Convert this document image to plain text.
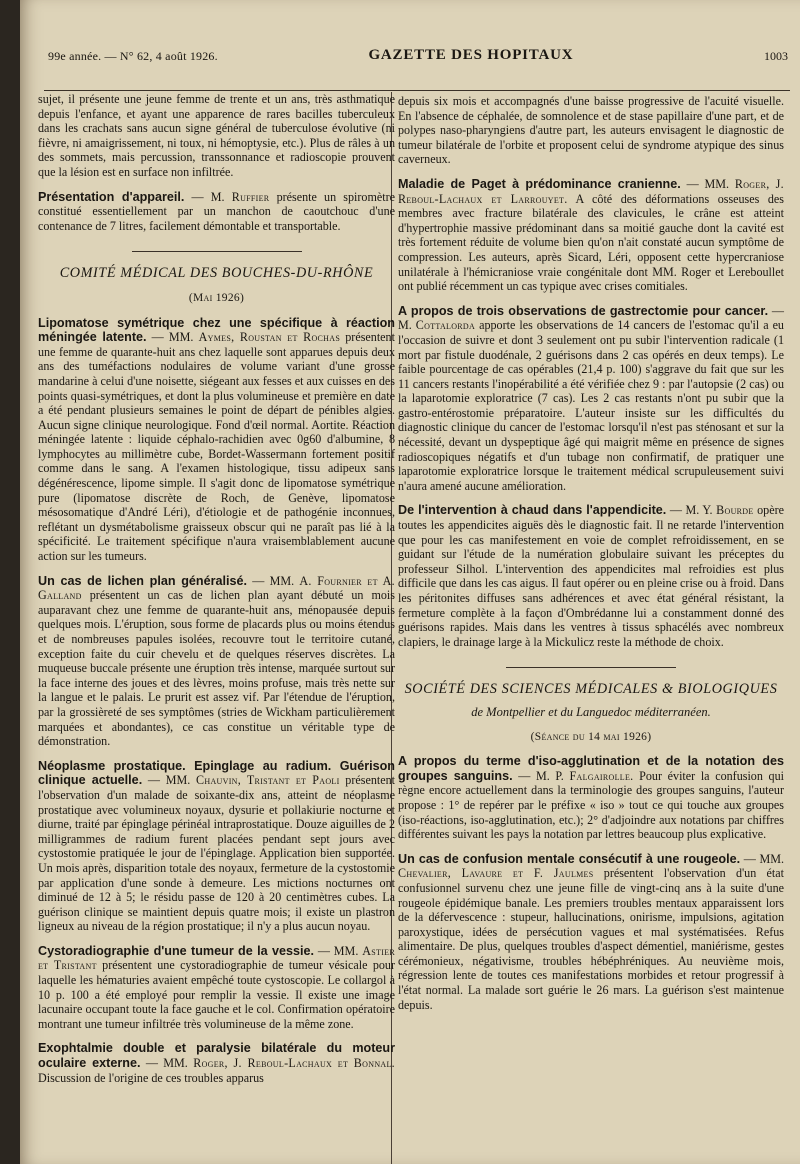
99e année. — N° 62, 4 août 1926.	GAZETTE DES HOPITAUX	1003

sujet, il présente une jeune femme de trente et un ans, très asthmatique depuis l'enfance, et ayant une apparence de rares bacilles tuberculeux dans les crachats sans aucun signe général de tuberculose évolutive (ni fièvre, ni amaigrissement, ni toux, ni hémoptysie, etc.). Plus de râles à un des sommets, mais percussion, transsonnance et radioscopie prouvent que la lésion est en surface non infiltrée.

Présentation d'appareil. — M. Ruffier présente un spiromètre constitué essentiellement par un manchon de caoutchouc d'une contenance de 7 litres, facilement démontable et transportable.

COMITÉ MÉDICAL DES BOUCHES-DU-RHÔNE
(Mai 1926)

Lipomatose symétrique chez une spécifique à réaction méningée latente. — MM. Aymes, Roustan et Rochas présentent une femme de quarante-huit ans chez laquelle sont apparues depuis deux ans des tuméfactions nodulaires de volume variant d'une grosse mandarine à celui d'une noisette, siégeant aux fesses et aux cuisses en des points quasi-symétriques, et dont la plus volumineuse et première en date a été pendant plusieurs semaines le point de départ de pénibles algies. Aucun signe clinique neurologique. Fond d'œil normal. Aortite. Réaction méningée latente : liquide céphalo-rachidien avec 0g60 d'albumine, 8 lymphocytes au millimètre cube, Bordet-Wassermann fortement positif comme dans le sang. A l'examen histologique, tissu adipeux sans dégénérescence, lipome simple. Il s'agit donc de lipomatose symétrique pure (lipomatose discrète de Roch, de Genève, lipomatose mésosomatique d'André Léri), d'étiologie et de pathogénie inconnues, reflétant un dysmétabolisme graisseux obscur qui ne paraît pas lié à la spécificité. Le traitement spécifique n'aura vraisemblablement aucune action sur les tumeurs.

Un cas de lichen plan généralisé. — MM. A. Fournier et A. Galland présentent un cas de lichen plan ayant débuté un mois auparavant chez une femme de quarante-huit ans, ménopausée depuis quelques mois. L'éruption, sous forme de placards plus ou moins étendus et de nombreuses papules isolées, recouvre tout le territoire cutané, exception faite du cuir chevelu et de quelques réserves discrètes. La muqueuse buccale présente une éruption très intense, marquée surtout sur la face interne des joues et des lèvres, moins profuse, mais très nette sur la langue et le palais. Le prurit est assez vif. Par l'étendue de l'éruption, par la grossièreté de ses symptômes (stries de Wickham particulièrement marquées et abondantes), ce cas constitue un véritable type de démonstration.

Néoplasme prostatique. Epinglage au radium. Guérison clinique actuelle. — MM. Chauvin, Tristant et Paoli présentent l'observation d'un malade de soixante-dix ans, atteint de néoplasme prostatique avec volumineux noyaux, dysurie et pollakiurie nocturne et diurne, traité par épinglage périnéal intraprostatique. Douze aiguilles de 2 milligrammes de radium furent placées pendant sept jours avec cystostomie pratiquée le jour de l'épinglage. Application bien supportée. Un mois après, disparition totale des noyaux, fermeture de la cystostomie par application d'une sonde à demeure. Les mictions nocturnes ont diminué de 12 à 5; le résidu passe de 120 à 20 centimètres cubes. La guérison clinique se maintient depuis quatre mois; il existe un plastron ligneux au niveau de la région prostatique; il n'y a plus aucun noyau.

Cystoradiographie d'une tumeur de la vessie. — MM. Astier et Tristant présentent une cystoradiographie de tumeur vésicale pour laquelle les hématuries avaient empêché toute cystoscopie. Le collargol à 10 p. 100 a été employé pour remplir la vessie. Il existe une image lacunaire occupant toute la face gauche et le col. Confirmation opératoire montrant une tumeur infiltrée très volumineuse de la même zone.

Exophtalmie double et paralysie bilatérale du moteur oculaire externe. — MM. Roger, J. Reboul-Lachaux et Bonnal. Discussion de l'origine de ces troubles apparus

depuis six mois et accompagnés d'une baisse progressive de l'acuité visuelle. En l'absence de céphalée, de somnolence et de stase papillaire d'une part, et de polypes naso-pharyngiens d'autre part, les auteurs envisagent le diagnostic de tumeur bilatérale de l'orbite et proposent celui de syndrome atypique des sinus caverneux.

Maladie de Paget à prédominance cranienne. — MM. Roger, J. Reboul-Lachaux et Larrouyet. A côté des déformations osseuses des membres avec fracture bilatérale des clavicules, le crâne est atteint d'hypertrophie massive prédominant dans sa moitié gauche dont la cavité est très fortement réduite de volume bien qu'on n'ait constaté aucun symptôme de compression. Les auteurs, après Sicard, Léri, opposent cette hypercraniose unilatérale à l'hémicraniose vraie congénitale dont MM. Roger et Lereboullet ont publié récemment un cas typique avec crises comitiales.

A propos de trois observations de gastrectomie pour cancer. — M. Cottalorda apporte les observations de 14 cancers de l'estomac qu'il a eu l'occasion de suivre et dont 3 seulement ont pu subir l'intervention radicale (1 mort par fistule duodénale, 2 guérisons dans 2 cas opérés en deux temps). Le faible pourcentage de cas opérables (21,4 p. 100) s'aggrave du fait que sur les 11 cancers restants l'inopérabilité a été vérifiée chez 9 : par l'autopsie (2 cas) ou la laparotomie exploratrice (7 cas). Les 2 cas restants n'ont pu subir que la gastro-entérostomie préparatoire. L'auteur insiste sur les difficultés du diagnostic clinique du cancer de l'estomac lorsqu'il n'est pas sténosant et sur la nécessité, devant un dyspeptique âgé qui maigrit même en présence de signes radioscopiques négatifs et d'un tubage non confirmatif, de pratiquer une laparotomie exploratrice lorsque le traitement médical scrupuleusement suivi n'aura amené aucune amélioration.

De l'intervention à chaud dans l'appendicite. — M. Y. Bourde opère toutes les appendicites aiguës dès le diagnostic fait. Il ne retarde l'intervention que pour les cas manifestement en voie de complet refroidissement, en se guidant sur l'étude de la numération globulaire suivant les préceptes du professeur Silhol. L'intervention des appendicites mal refroidies est plus difficile que dans les cas aigus. Il faut opérer ou en pleine crise ou à froid. Dans les péritonites diffuses sans adhérences et avec état général résistant, la fermeture complète à la façon d'Ombrédanne lui a constamment donné des guérisons rapides. Mais dans les ventres à tissus sphacélés avec nombreux clapiers, le drainage large à la Mickulicz reste la méthode de choix.

SOCIÉTÉ DES SCIENCES MÉDICALES & BIOLOGIQUES
de Montpellier et du Languedoc méditerranéen.
(Séance du 14 mai 1926)

A propos du terme d'iso-agglutination et de la notation des groupes sanguins. — M. P. Falgairolle. Pour éviter la confusion qui règne encore actuellement dans la terminologie des groupes sanguins, l'auteur propose : 1° de repérer par le préfixe « iso » tout ce qui touche aux groupes (iso-réactions, iso-agglutination, etc.); 2° d'adjoindre aux notations par chiffres différentes suivant les pays la notation par lettres beaucoup plus explicative.

Un cas de confusion mentale consécutif à une rougeole. — MM. Chevalier, Lavaure et F. Jaulmes présentent l'observation d'un état confusionnel survenu chez une jeune fille de vingt-cinq ans à la suite d'une rougeole épidémique banale. Les premiers troubles mentaux apparaissent lors de la défervescence : stupeur, hallucinations, onirisme, impulsions, agitation paroxystique, idées de persécution vagues et mal systématisées. Refus alimentaire. De plus, quelques troubles d'aspect démentiel, maniérisme, gestes cérémonieux, négativisme, troubles hébéphréniques. Au neuvième mois, régression lente de toutes ces manifestations morbides et retour progressif à l'état normal. La malade sort guérie le 26 mars. La guérison s'est maintenue depuis.
